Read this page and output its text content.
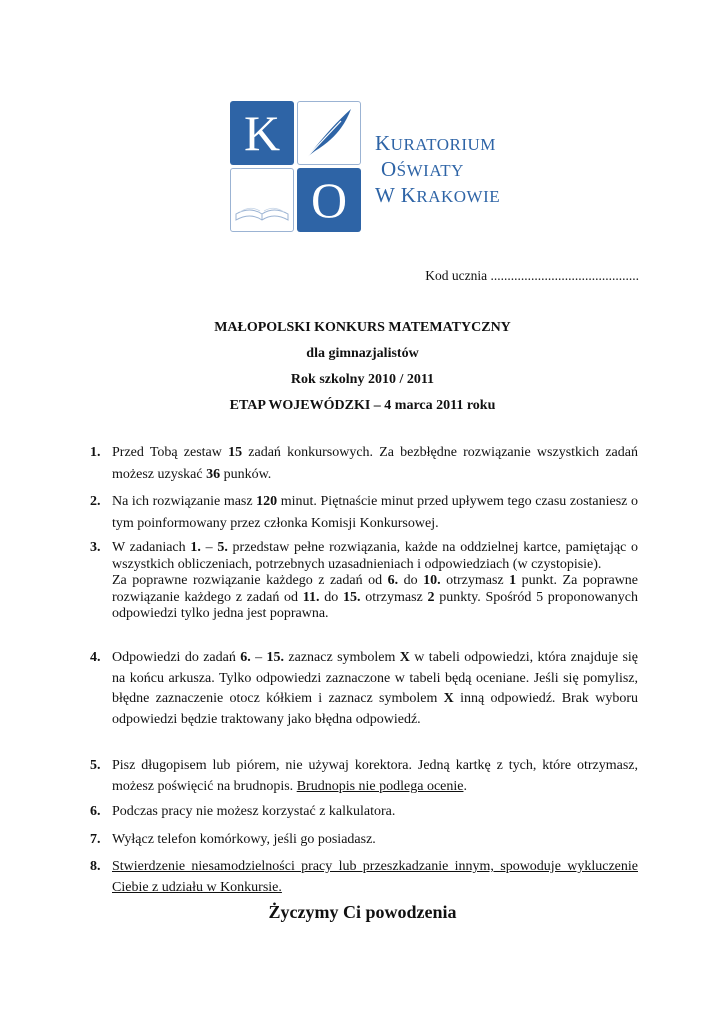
K
O
KURATORIUM
OŚWIATY
W KRAKOWIE
Kod ucznia ............................................
MAŁOPOLSKI KONKURS MATEMATYCZNY
dla gimnazjalistów
Rok szkolny 2010 / 2011
ETAP WOJEWÓDZKI – 4 marca 2011 roku
1. Przed Tobą zestaw 15 zadań konkursowych. Za bezbłędne rozwiązanie wszystkich zadań możesz uzyskać 36 punków.
2. Na ich rozwiązanie masz 120 minut. Piętnaście minut przed upływem tego czasu zostaniesz o tym poinformowany przez członka Komisji Konkursowej.
3. W zadaniach 1. – 5. przedstaw pełne rozwiązania, każde na oddzielnej kartce, pamiętając o wszystkich obliczeniach, potrzebnych uzasadnieniach i odpowiedziach (w czystopisie).
Za poprawne rozwiązanie każdego z zadań od 6. do 10. otrzymasz 1 punkt. Za poprawne rozwiązanie każdego z zadań od 11. do 15. otrzymasz 2 punkty. Spośród 5 proponowanych odpowiedzi tylko jedna jest poprawna.
4. Odpowiedzi do zadań 6. – 15. zaznacz symbolem X w tabeli odpowiedzi, która znajduje się na końcu arkusza. Tylko odpowiedzi zaznaczone w tabeli będą oceniane. Jeśli się pomylisz, błędne zaznaczenie otocz kółkiem i zaznacz symbolem X inną odpowiedź. Brak wyboru odpowiedzi będzie traktowany jako błędna odpowiedź.
5. Pisz długopisem lub piórem, nie używaj korektora. Jedną kartkę z tych, które otrzymasz, możesz poświęcić na brudnopis. Brudnopis nie podlega ocenie.
6. Podczas pracy nie możesz korzystać z kalkulatora.
7. Wyłącz telefon komórkowy, jeśli go posiadasz.
8. Stwierdzenie niesamodzielności pracy lub przeszkadzanie innym, spowoduje wykluczenie Ciebie z udziału w Konkursie.
Życzymy Ci powodzenia
